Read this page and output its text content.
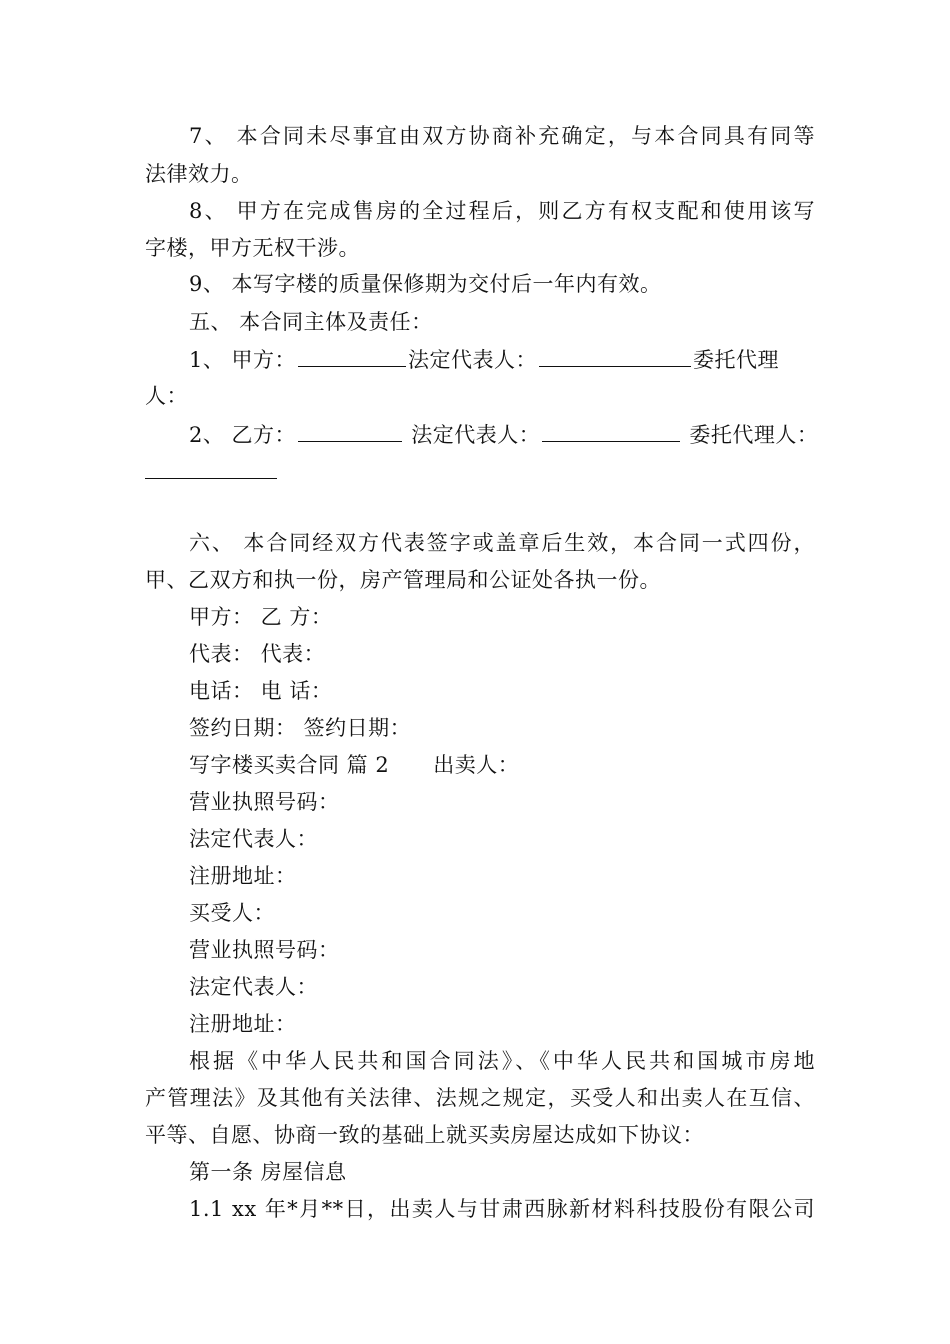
7、 本合同未尽事宜由双方协商补充确定，与本合同具有同等
法律效力。
8、 甲方在完成售房的全过程后，则乙方有权支配和使用该写
字楼，甲方无权干涉。
9、 本写字楼的质量保修期为交付后一年内有效。
五、 本合同主体及责任：
1、 甲方：	法定代表人：	委托代理
人：
2、 乙方：	法定代表人：	委托代理人：
六、 本合同经双方代表签字或盖章后生效，本合同一式四份，
甲、乙双方和执一份，房产管理局和公证处各执一份。
甲方： 乙 方：
代表： 代表：
电话： 电 话：
签约日期： 签约日期：
写字楼买卖合同 篇 2 出卖人：
营业执照号码：
法定代表人：
注册地址：
买受人：
营业执照号码：
法定代表人：
注册地址：
根据《中华人民共和国合同法》、《中华人民共和国城市房地
产管理法》及其他有关法律、法规之规定，买受人和出卖人在互信、
平等、自愿、协商一致的基础上就买卖房屋达成如下协议：
第一条 房屋信息
1.1 xx 年*月**日，出卖人与甘肃西脉新材料科技股份有限公司
